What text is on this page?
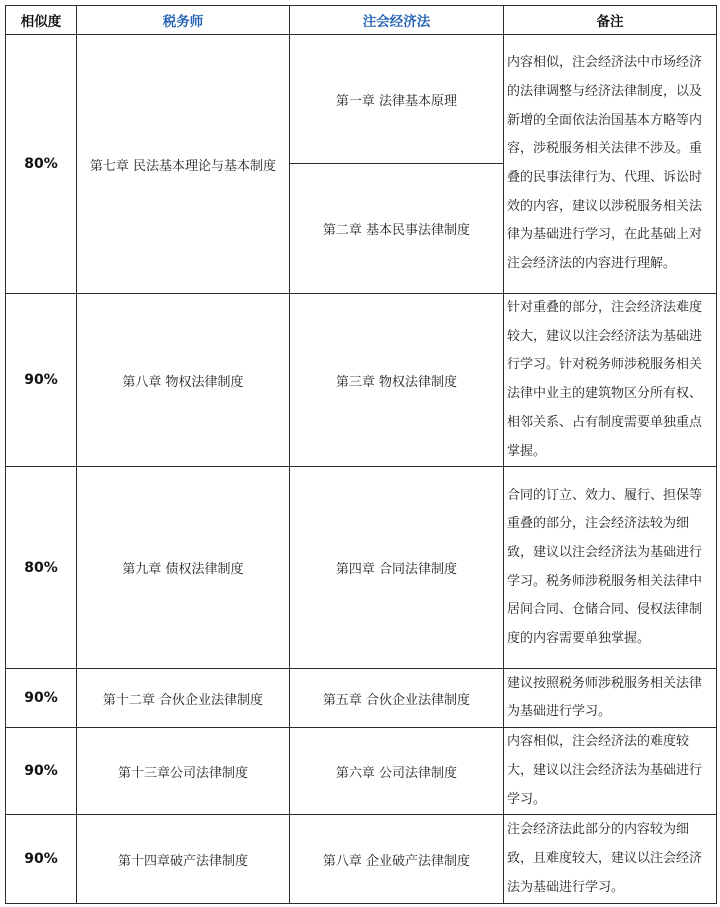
相似度	税务师	注会经济法	备注
80%	第七章 民法基本理论与基本制度	第一章 法律基本原理	内容相似，注会经济法中市场经济的法律调整与经济法律制度，以及新增的全面依法治国基本方略等内容，涉税服务相关法律不涉及。重叠的民事法律行为、代理、诉讼时效的内容，建议以涉税服务相关法律为基础进行学习，在此基础上对注会经济法的内容进行理解。
		第二章 基本民事法律制度	
90%	第八章 物权法律制度	第三章 物权法律制度	针对重叠的部分，注会经济法难度较大，建议以注会经济法为基础进行学习。针对税务师涉税服务相关法律中业主的建筑物区分所有权、相邻关系、占有制度需要单独重点掌握。
80%	第九章 债权法律制度	第四章 合同法律制度	合同的订立、效力、履行、担保等重叠的部分，注会经济法较为细致，建议以注会经济法为基础进行学习。税务师涉税服务相关法律中居间合同、仓储合同、侵权法律制度的内容需要单独掌握。
90%	第十二章 合伙企业法律制度	第五章 合伙企业法律制度	建议按照税务师涉税服务相关法律为基础进行学习。
90%	第十三章公司法律制度	第六章 公司法律制度	内容相似，注会经济法的难度较大，建议以注会经济法为基础进行学习。
90%	第十四章破产法律制度	第八章 企业破产法律制度	注会经济法此部分的内容较为细致，且难度较大，建议以注会经济法为基础进行学习。
